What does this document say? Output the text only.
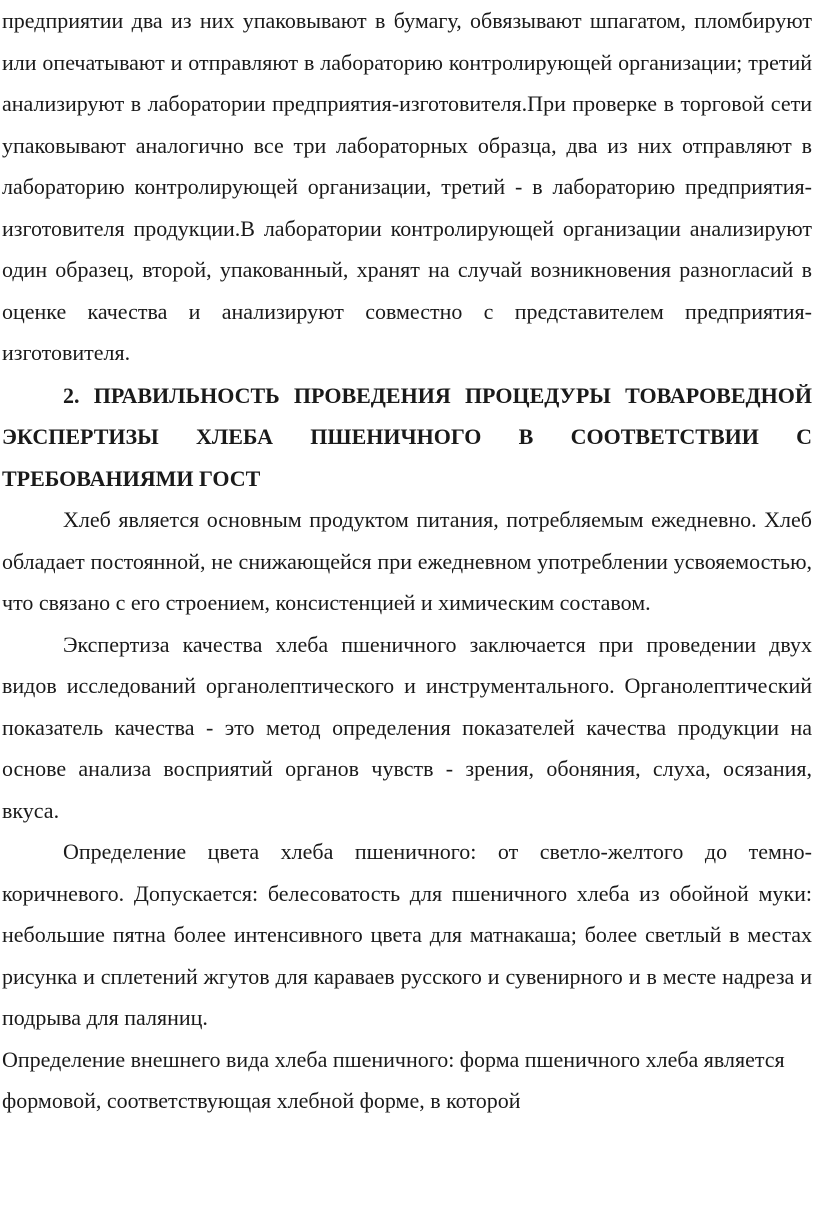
предприятии два из них упаковывают в бумагу, обвязывают шпагатом, пломбируют или опечатывают и отправляют в лабораторию контролирующей организации; третий анализируют в лаборатории предприятия-изготовителя.При проверке в торговой сети упаковывают аналогично все три лабораторных образца, два из них отправляют в лабораторию контролирующей организации, третий - в лабораторию предприятия-изготовителя продукции.В лаборатории контролирующей организации анализируют один образец, второй, упакованный, хранят на случай возникновения разногласий в оценке качества и анализируют совместно с представителем предприятия-изготовителя.

2. ПРАВИЛЬНОСТЬ ПРОВЕДЕНИЯ ПРОЦЕДУРЫ ТОВАРОВЕДНОЙ ЭКСПЕРТИЗЫ ХЛЕБА ПШЕНИЧНОГО В СООТВЕТСТВИИ С ТРЕБОВАНИЯМИ ГОСТ

Хлеб является основным продуктом питания, потребляемым ежедневно. Хлеб обладает постоянной, не снижающейся при ежедневном употреблении усвояемостью, что связано с его строением, консистенцией и химическим составом.

Экспертиза качества хлеба пшеничного заключается при проведении двух видов исследований органолептического и инструментального. Органолептический показатель качества - это метод определения показателей качества продукции на основе анализа восприятий органов чувств - зрения, обоняния, слуха, осязания, вкуса.

Определение цвета хлеба пшеничного: от светло-желтого до темно-коричневого. Допускается: белесоватость для пшеничного хлеба из обойной муки: небольшие пятна более интенсивного цвета для матнакаша; более светлый в местах рисунка и сплетений жгутов для караваев русского и сувенирного и в месте надреза и подрыва для паляниц.

Определение внешнего вида хлеба пшеничного: форма пшеничного хлеба является формовой, соответствующая хлебной форме, в которой
